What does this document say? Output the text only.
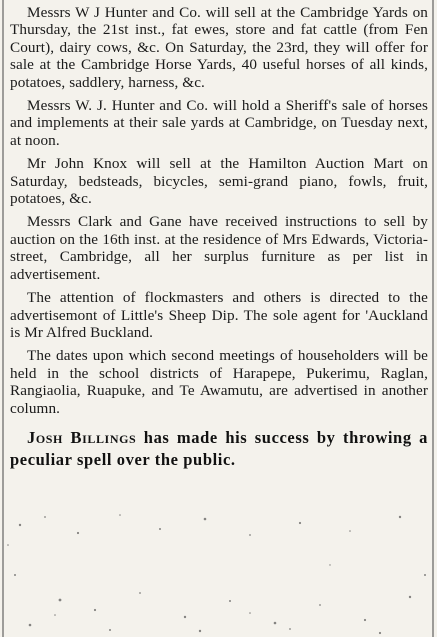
Messrs W J Hunter and Co. will sell at the Cambridge Yards on Thursday, the 21st inst., fat ewes, store and fat cattle (from Fen Court), dairy cows, &c. On Saturday, the 23rd, they will offer for sale at the Cambridge Horse Yards, 40 useful horses of all kinds, potatoes, saddlery, harness, &c.

Messrs W. J. Hunter and Co. will hold a Sheriff's sale of horses and implements at their sale yards at Cambridge, on Tuesday next, at noon.

Mr John Knox will sell at the Hamilton Auction Mart on Saturday, bedsteads, bicycles, semi-grand piano, fowls, fruit, potatoes, &c.

Messrs Clark and Gane have received instructions to sell by auction on the 16th inst. at the residence of Mrs Edwards, Victoria-street, Cambridge, all her surplus furniture as per list in advertisement.

The attention of flockmasters and others is directed to the advertisemont of Little's Sheep Dip. The sole agent for 'Auckland is Mr Alfred Buckland.

The dates upon which second meetings of householders will be held in the school districts of Harapepe, Pukerimu, Raglan, Rangiaolia, Ruapuke, and Te Awamutu, are advertised in another column.

Josh Billings has made his success by throwing a peculiar spell over the public.
